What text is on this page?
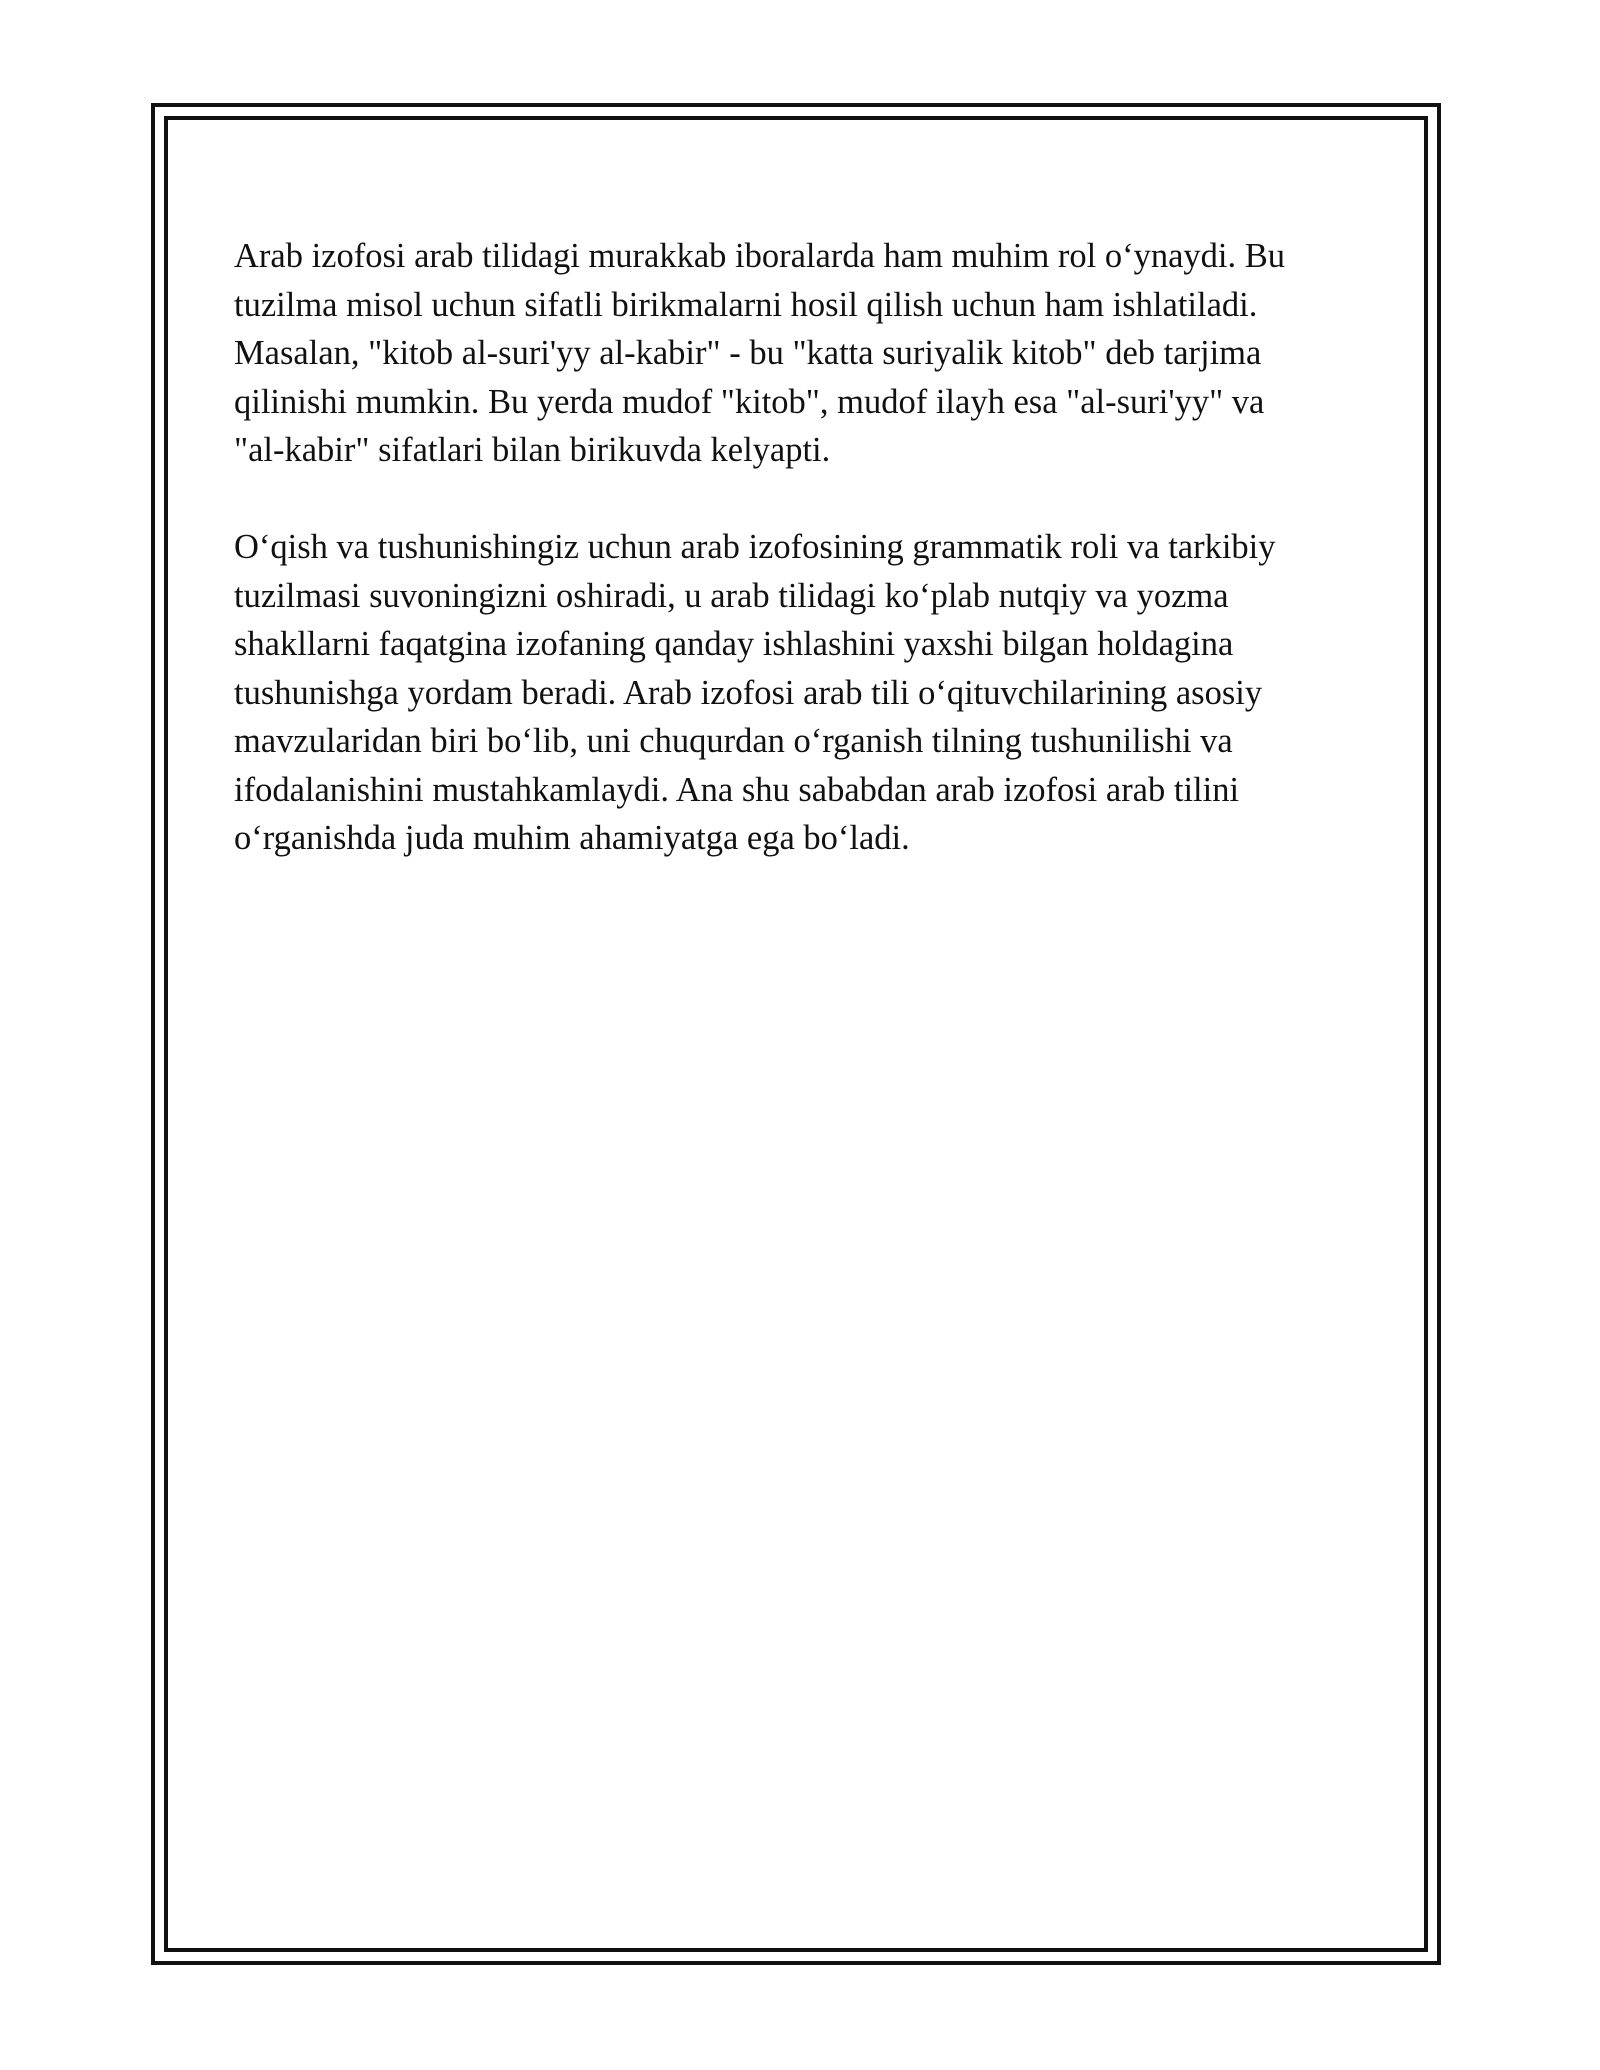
Arab izofosi arab tilidagi murakkab iboralarda ham muhim rol o‘ynaydi. Bu
tuzilma misol uchun sifatli birikmalarni hosil qilish uchun ham ishlatiladi.
Masalan, "kitob al-suri'yy al-kabir" - bu "katta suriyalik kitob" deb tarjima
qilinishi mumkin. Bu yerda mudof "kitob", mudof ilayh esa "al-suri'yy" va
"al-kabir" sifatlari bilan birikuvda kelyapti.

O‘qish va tushunishingiz uchun arab izofosining grammatik roli va tarkibiy
tuzilmasi suvoningizni oshiradi, u arab tilidagi ko‘plab nutqiy va yozma
shakllarni faqatgina izofaning qanday ishlashini yaxshi bilgan holdagina
tushunishga yordam beradi. Arab izofosi arab tili o‘qituvchilarining asosiy
mavzularidan biri bo‘lib, uni chuqurdan o‘rganish tilning tushunilishi va
ifodalanishini mustahkamlaydi. Ana shu sababdan arab izofosi arab tilini
o‘rganishda juda muhim ahamiyatga ega bo‘ladi.
